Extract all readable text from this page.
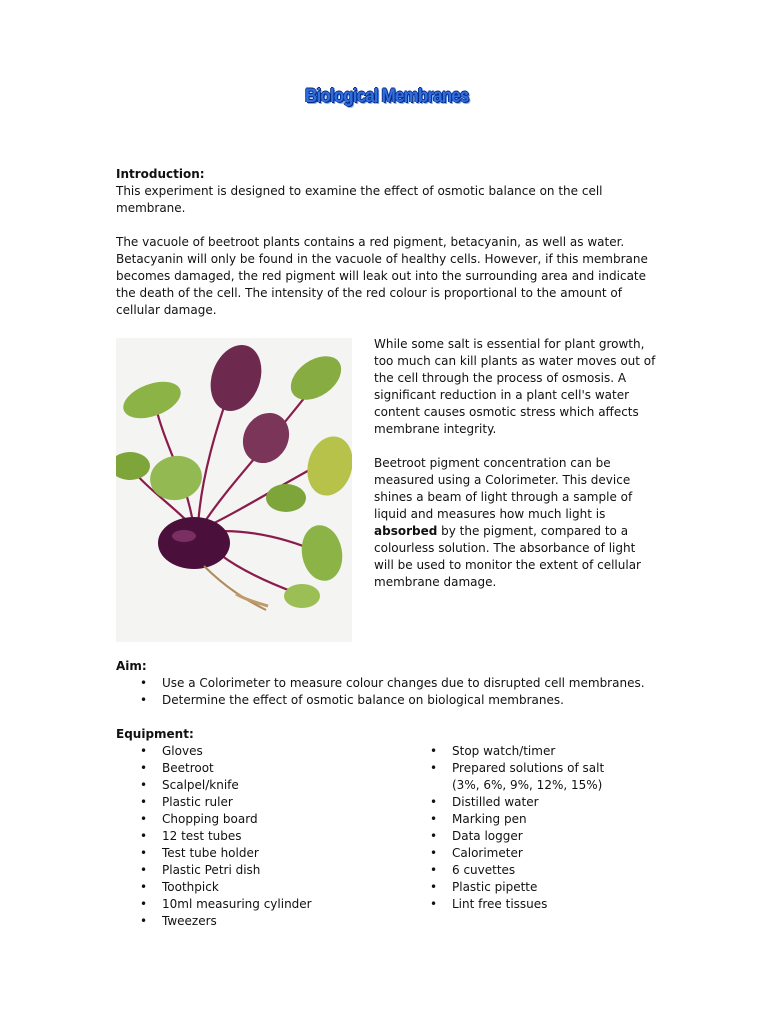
Biological Membranes
Introduction:

This experiment is designed to examine the effect of osmotic balance on the cell membrane.

The vacuole of beetroot plants contains a red pigment, betacyanin, as well as water. Betacyanin will only be found in the vacuole of healthy cells. However, if this membrane becomes damaged, the red pigment will leak out into the surrounding area and indicate the death of the cell. The intensity of the red colour is proportional to the amount of cellular damage.

While some salt is essential for plant growth, too much can kill plants as water moves out of the cell through the process of osmosis. A significant reduction in a plant cell's water content causes osmotic stress which affects membrane integrity.

Beetroot pigment concentration can be measured using a Colorimeter. This device shines a beam of light through a sample of liquid and measures how much light is absorbed by the pigment, compared to a colourless solution. The absorbance of light will be used to monitor the extent of cellular membrane damage.

Aim:
• Use a Colorimeter to measure colour changes due to disrupted cell membranes.
• Determine the effect of osmotic balance on biological membranes.
Equipment:
• Gloves
• Beetroot
• Scalpel/knife
• Plastic ruler
• Chopping board
• 12 test tubes
• Test tube holder
• Plastic Petri dish
• Toothpick
• 10ml measuring cylinder
• Tweezers
• Stop watch/timer
• Prepared solutions of salt (3%, 6%, 9%, 12%, 15%)
• Distilled water
• Marking pen
• Data logger
• Calorimeter
• 6 cuvettes
• Plastic pipette
• Lint free tissues
